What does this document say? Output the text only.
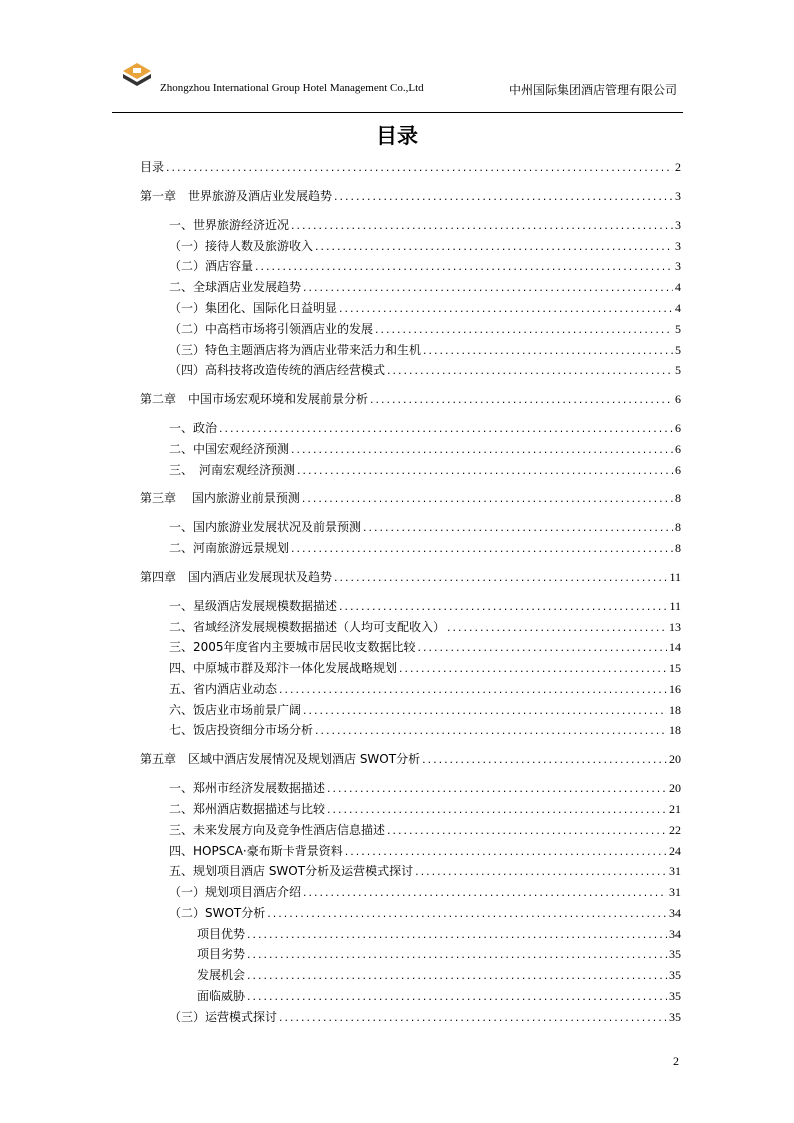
Zhongzhou International Group Hotel Management Co.,Ltd	中州国际集团酒店管理有限公司
目录
目录 .....	2
第一章　世界旅游及酒店业发展趋势 .....	3
一、世界旅游经济近况 .....	3
（一）接待人数及旅游收入 .....	3
（二）酒店容量 .....	3
二、全球酒店业发展趋势 .....	4
（一）集团化、国际化日益明显 .....	4
（二）中高档市场将引领酒店业的发展 .....	5
（三）特色主题酒店将为酒店业带来活力和生机 .....	5
（四）高科技将改造传统的酒店经营模式 .....	5
第二章　中国市场宏观环境和发展前景分析 .....	6
一、政治 .....	6
二、中国宏观经济预测 .....	6
三、　河南宏观经济预测 .....	6
第三章　 国内旅游业前景预测 .....	8
一、国内旅游业发展状况及前景预测 .....	8
二、河南旅游远景规划 .....	8
第四章　国内酒店业发展现状及趋势 .....	11
一、星级酒店发展规模数据描述 .....	11
二、省域经济发展规模数据描述（人均可支配收入） .....	13
三、2005年度省内主要城市居民收支数据比较 .....	14
四、中原城市群及郑汴一体化发展战略规划 .....	15
五、省内酒店业动态 .....	16
六、饭店业市场前景广阔 .....	18
七、饭店投资细分市场分析 .....	18
第五章　区域中酒店发展情况及规划酒店 SWOT分析 .....	20
一、郑州市经济发展数据描述 .....	20
二、郑州酒店数据描述与比较 .....	21
三、未来发展方向及竞争性酒店信息描述 .....	22
四、HOPSCA·豪布斯卡背景资料 .....	24
五、规划项目酒店 SWOT分析及运营模式探讨 .....	31
（一）规划项目酒店介绍 .....	31
（二）SWOT分析 .....	34
项目优势 .....	34
项目劣势 .....	35
发展机会 .....	35
面临威胁 .....	35
（三）运营模式探讨 .....	35
2
